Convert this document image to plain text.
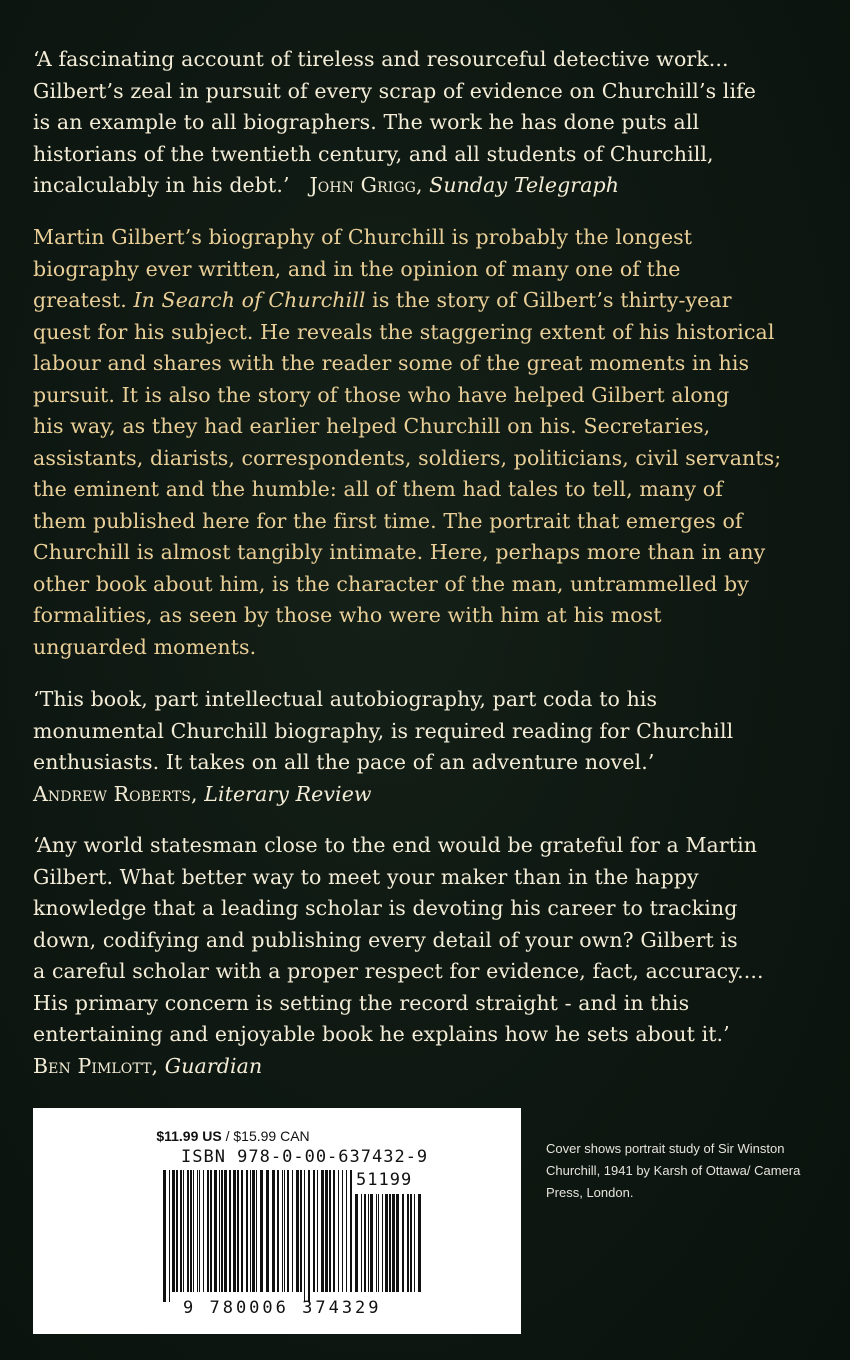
‘A fascinating account of tireless and resourceful detective work...
Gilbert’s zeal in pursuit of every scrap of evidence on Churchill’s life
is an example to all biographers. The work he has done puts all
historians of the twentieth century, and all students of Churchill,
incalculably in his debt.’ John Grigg, Sunday Telegraph
Martin Gilbert’s biography of Churchill is probably the longest
biography ever written, and in the opinion of many one of the
greatest. In Search of Churchill is the story of Gilbert’s thirty-year
quest for his subject. He reveals the staggering extent of his historical
labour and shares with the reader some of the great moments in his
pursuit. It is also the story of those who have helped Gilbert along
his way, as they had earlier helped Churchill on his. Secretaries,
assistants, diarists, correspondents, soldiers, politicians, civil servants;
the eminent and the humble: all of them had tales to tell, many of
them published here for the first time. The portrait that emerges of
Churchill is almost tangibly intimate. Here, perhaps more than in any
other book about him, is the character of the man, untrammelled by
formalities, as seen by those who were with him at his most
unguarded moments.
‘This book, part intellectual autobiography, part coda to his
monumental Churchill biography, is required reading for Churchill
enthusiasts. It takes on all the pace of an adventure novel.’
Andrew Roberts, Literary Review
‘Any world statesman close to the end would be grateful for a Martin
Gilbert. What better way to meet your maker than in the happy
knowledge that a leading scholar is devoting his career to tracking
down, codifying and publishing every detail of your own? Gilbert is
a careful scholar with a proper respect for evidence, fact, accuracy....
His primary concern is setting the record straight - and in this
entertaining and enjoyable book he explains how he sets about it.’
Ben Pimlott, Guardian
$11.99 US / $15.99 CAN
ISBN 978-0-00-637432-9
51199
9 780006 374329
Cover shows portrait study of Sir Winston Churchill, 1941 by Karsh of Ottawa/ Camera Press, London.
